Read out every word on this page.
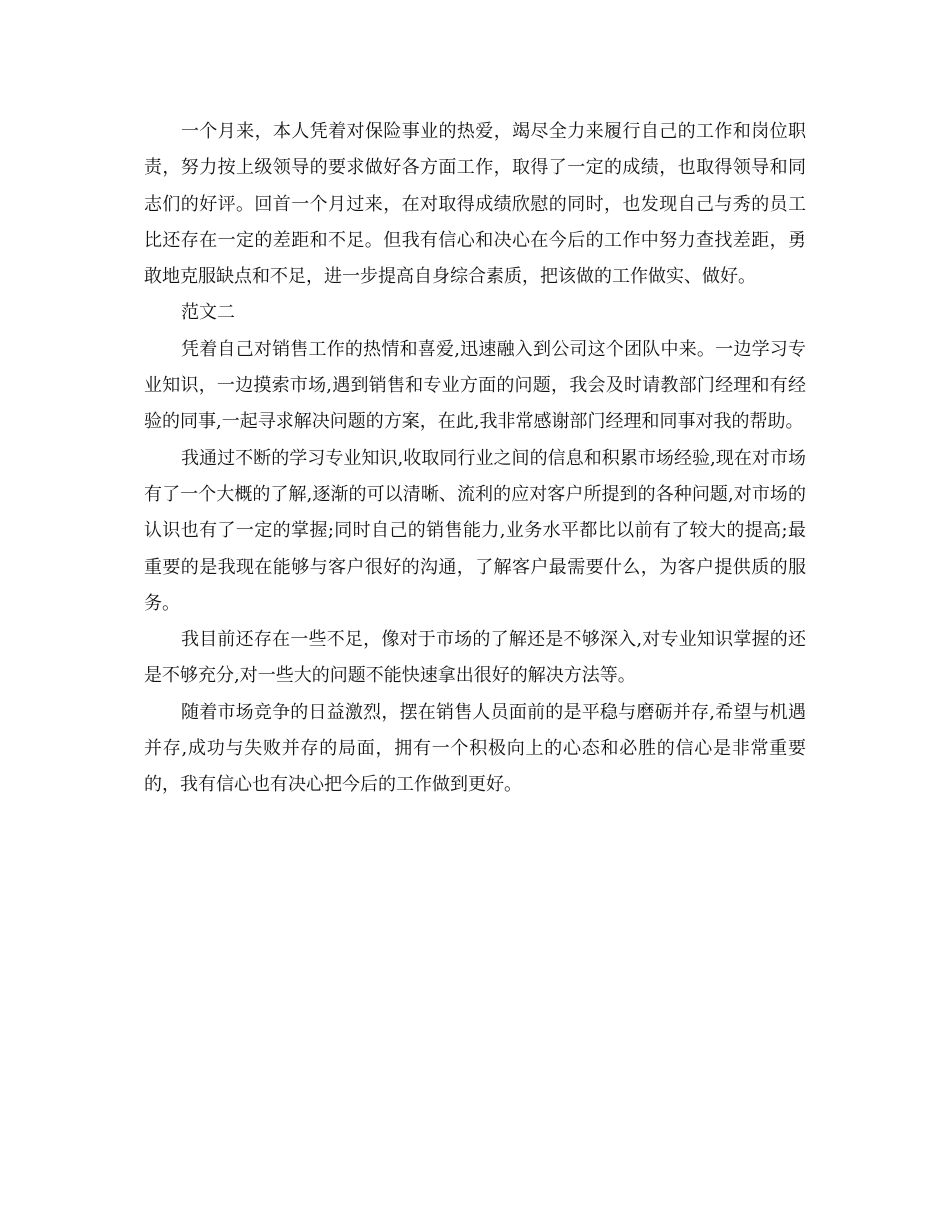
一个月来，本人凭着对保险事业的热爱，竭尽全力来履行自己的工作和岗位职责，努力按上级领导的要求做好各方面工作，取得了一定的成绩，也取得领导和同志们的好评。回首一个月过来，在对取得成绩欣慰的同时，也发现自己与秀的员工比还存在一定的差距和不足。但我有信心和决心在今后的工作中努力查找差距，勇敢地克服缺点和不足，进一步提高自身综合素质，把该做的工作做实、做好。

范文二

凭着自己对销售工作的热情和喜爱,迅速融入到公司这个团队中来。一边学习专业知识，一边摸索市场,遇到销售和专业方面的问题，我会及时请教部门经理和有经验的同事,一起寻求解决问题的方案，在此,我非常感谢部门经理和同事对我的帮助。

我通过不断的学习专业知识,收取同行业之间的信息和积累市场经验,现在对市场有了一个大概的了解,逐渐的可以清晰、流利的应对客户所提到的各种问题,对市场的认识也有了一定的掌握;同时自己的销售能力,业务水平都比以前有了较大的提高;最重要的是我现在能够与客户很好的沟通，了解客户最需要什么，为客户提供质的服务。

我目前还存在一些不足，像对于市场的了解还是不够深入,对专业知识掌握的还是不够充分,对一些大的问题不能快速拿出很好的解决方法等。

随着市场竞争的日益激烈，摆在销售人员面前的是平稳与磨砺并存,希望与机遇并存,成功与失败并存的局面，拥有一个积极向上的心态和必胜的信心是非常重要的，我有信心也有决心把今后的工作做到更好。
